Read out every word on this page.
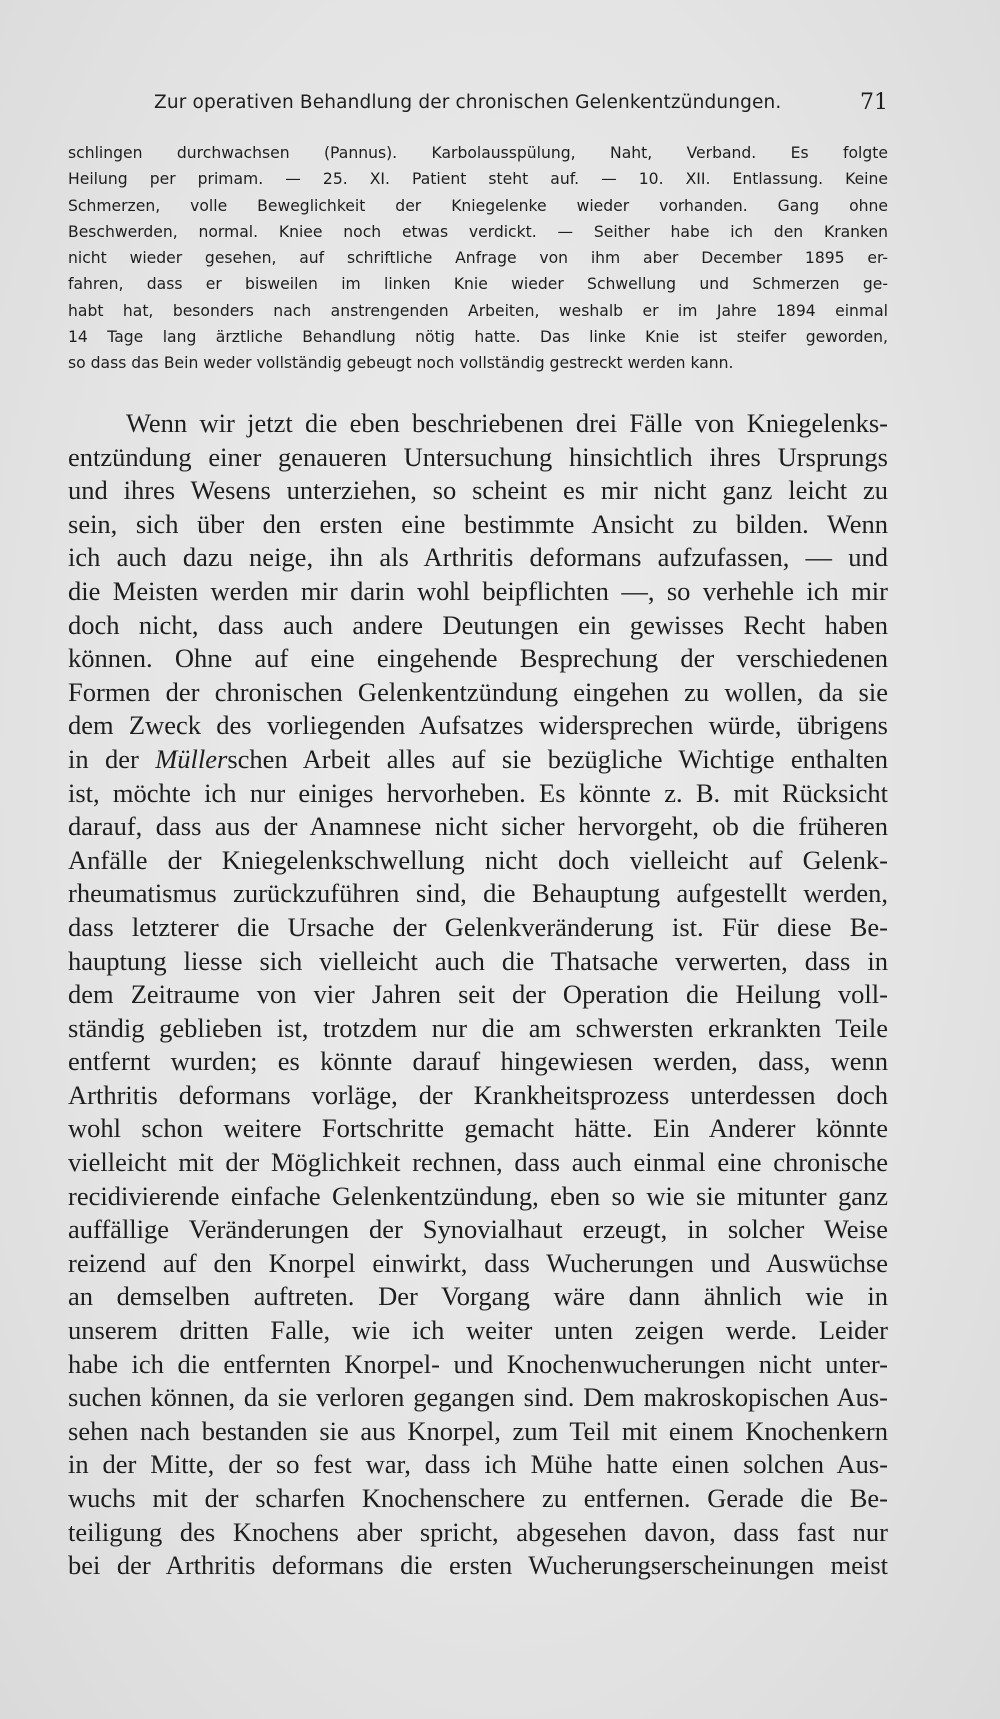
Zur operativen Behandlung der chronischen Gelenkentzündungen.	71
schlingen durchwachsen (Pannus). Karbolausspülung, Naht, Verband. Es folgte
Heilung per primam. — 25. XI. Patient steht auf. — 10. XII. Entlassung. Keine
Schmerzen, volle Beweglichkeit der Kniegelenke wieder vorhanden. Gang ohne
Beschwerden, normal. Kniee noch etwas verdickt. — Seither habe ich den Kranken
nicht wieder gesehen, auf schriftliche Anfrage von ihm aber December 1895 er-
fahren, dass er bisweilen im linken Knie wieder Schwellung und Schmerzen ge-
habt hat, besonders nach anstrengenden Arbeiten, weshalb er im Jahre 1894 einmal
14 Tage lang ärztliche Behandlung nötig hatte. Das linke Knie ist steifer geworden,
so dass das Bein weder vollständig gebeugt noch vollständig gestreckt werden kann.
Wenn wir jetzt die eben beschriebenen drei Fälle von Kniegelenks-
entzündung einer genaueren Untersuchung hinsichtlich ihres Ursprungs
und ihres Wesens unterziehen, so scheint es mir nicht ganz leicht zu
sein, sich über den ersten eine bestimmte Ansicht zu bilden. Wenn
ich auch dazu neige, ihn als Arthritis deformans aufzufassen, — und
die Meisten werden mir darin wohl beipflichten —, so verhehle ich mir
doch nicht, dass auch andere Deutungen ein gewisses Recht haben
können. Ohne auf eine eingehende Besprechung der verschiedenen
Formen der chronischen Gelenkentzündung eingehen zu wollen, da sie
dem Zweck des vorliegenden Aufsatzes widersprechen würde, übrigens
in der Müllerschen Arbeit alles auf sie bezügliche Wichtige enthalten
ist, möchte ich nur einiges hervorheben. Es könnte z. B. mit Rücksicht
darauf, dass aus der Anamnese nicht sicher hervorgeht, ob die früheren
Anfälle der Kniegelenkschwellung nicht doch vielleicht auf Gelenk-
rheumatismus zurückzuführen sind, die Behauptung aufgestellt werden,
dass letzterer die Ursache der Gelenkveränderung ist. Für diese Be-
hauptung liesse sich vielleicht auch die Thatsache verwerten, dass in
dem Zeitraume von vier Jahren seit der Operation die Heilung voll-
ständig geblieben ist, trotzdem nur die am schwersten erkrankten Teile
entfernt wurden; es könnte darauf hingewiesen werden, dass, wenn
Arthritis deformans vorläge, der Krankheitsprozess unterdessen doch
wohl schon weitere Fortschritte gemacht hätte. Ein Anderer könnte
vielleicht mit der Möglichkeit rechnen, dass auch einmal eine chronische
recidivierende einfache Gelenkentzündung, eben so wie sie mitunter ganz
auffällige Veränderungen der Synovialhaut erzeugt, in solcher Weise
reizend auf den Knorpel einwirkt, dass Wucherungen und Auswüchse
an demselben auftreten. Der Vorgang wäre dann ähnlich wie in
unserem dritten Falle, wie ich weiter unten zeigen werde. Leider
habe ich die entfernten Knorpel- und Knochenwucherungen nicht unter-
suchen können, da sie verloren gegangen sind. Dem makroskopischen Aus-
sehen nach bestanden sie aus Knorpel, zum Teil mit einem Knochenkern
in der Mitte, der so fest war, dass ich Mühe hatte einen solchen Aus-
wuchs mit der scharfen Knochenschere zu entfernen. Gerade die Be-
teiligung des Knochens aber spricht, abgesehen davon, dass fast nur
bei der Arthritis deformans die ersten Wucherungserscheinungen meist
